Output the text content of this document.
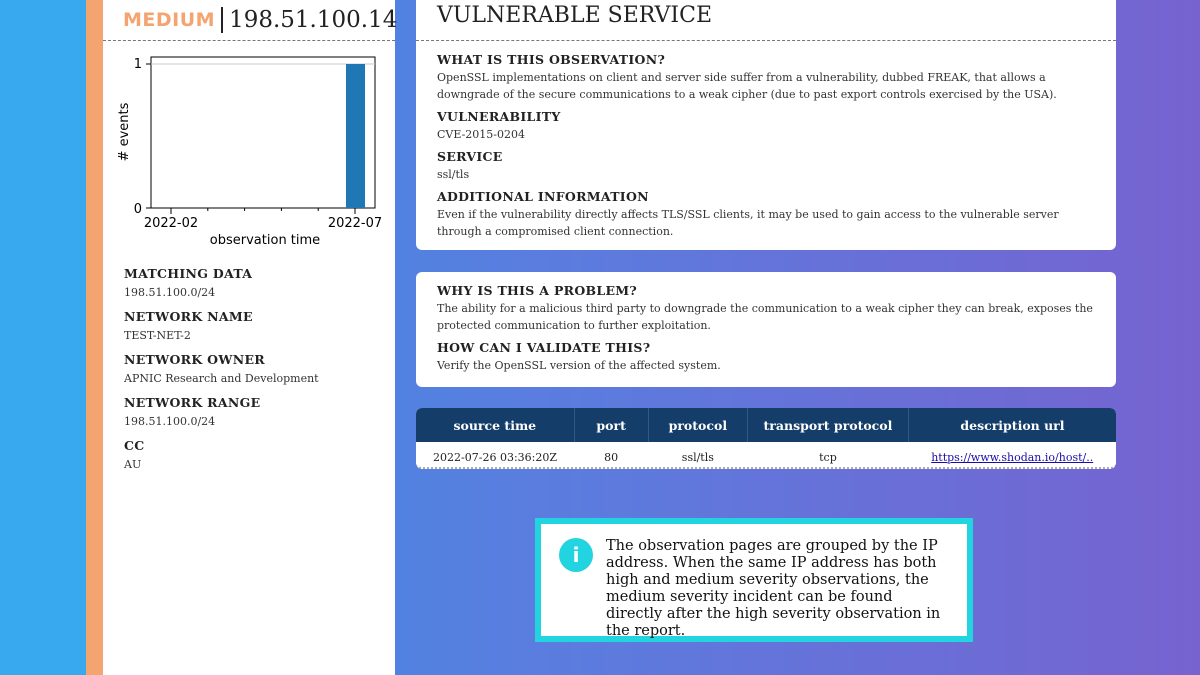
MEDIUM 198.51.100.14
1
0
2022-02	2022-07
observation time
# events
MATCHING DATA
198.51.100.0/24
NETWORK NAME
TEST-NET-2
NETWORK OWNER
APNIC Research and Development
NETWORK RANGE
198.51.100.0/24
CC
AU
VULNERABLE SERVICE
WHAT IS THIS OBSERVATION?
OpenSSL implementations on client and server side suffer from a vulnerability, dubbed FREAK, that allows a downgrade of the secure communications to a weak cipher (due to past export controls exercised by the USA).
VULNERABILITY
CVE-2015-0204
SERVICE
ssl/tls
ADDITIONAL INFORMATION
Even if the vulnerability directly affects TLS/SSL clients, it may be used to gain access to the vulnerable server through a compromised client connection.
WHY IS THIS A PROBLEM?
The ability for a malicious third party to downgrade the communication to a weak cipher they can break, exposes the protected communication to further exploitation.
HOW CAN I VALIDATE THIS?
Verify the OpenSSL version of the affected system.
source time	port	protocol	transport protocol	description url
2022-07-26 03:36:20Z	80	ssl/tls	tcp	https://www.shodan.io/host/..
i	The observation pages are grouped by the IP address. When the same IP address has both high and medium severity observations, the medium severity incident can be found directly after the high severity observation in the report.
